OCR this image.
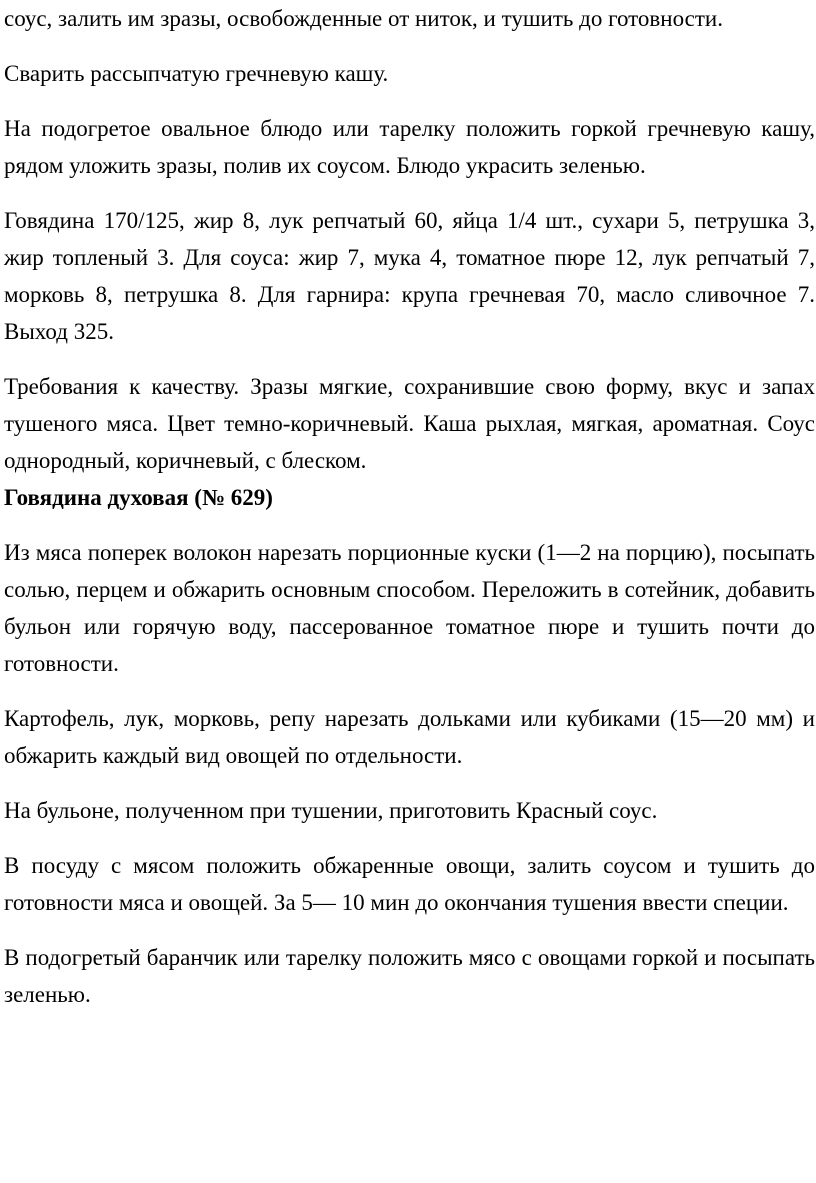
соус, залить им зразы, освобожденные от ниток, и тушить до готовности.

Сварить рассыпчатую гречневую кашу.

На подогретое овальное блюдо или тарелку положить горкой гречневую кашу, рядом уложить зразы, полив их соусом. Блюдо украсить зеленью.

Говядина 170/125, жир 8, лук репчатый 60, яйца 1/4 шт., сухари 5, петрушка 3, жир топленый 3. Для соуса: жир 7, мука 4, томатное пюре 12, лук репчатый 7, морковь 8, петрушка 8. Для гарнира: крупа гречневая 70, масло сливочное 7. Выход 325.

Требования к качеству. Зразы мягкие, сохранившие свою форму, вкус и запах тушеного мяса. Цвет темно-коричневый. Каша рыхлая, мягкая, ароматная. Соус однородный, коричневый, с блеском.

Говядина духовая (№ 629)

Из мяса поперек волокон нарезать порционные куски (1—2 на порцию), посыпать солью, перцем и обжарить основным способом. Переложить в сотейник, добавить бульон или горячую воду, пассерованное томатное пюре и тушить почти до готовности.

Картофель, лук, морковь, репу нарезать дольками или кубиками (15—20 мм) и обжарить каждый вид овощей по отдельности.

На бульоне, полученном при тушении, приготовить Красный соус.

В посуду с мясом положить обжаренные овощи, залить соусом и тушить до готовности мяса и овощей. За 5— 10 мин до окончания тушения ввести специи.

В подогретый баранчик или тарелку положить мясо с овощами горкой и посыпать зеленью.
